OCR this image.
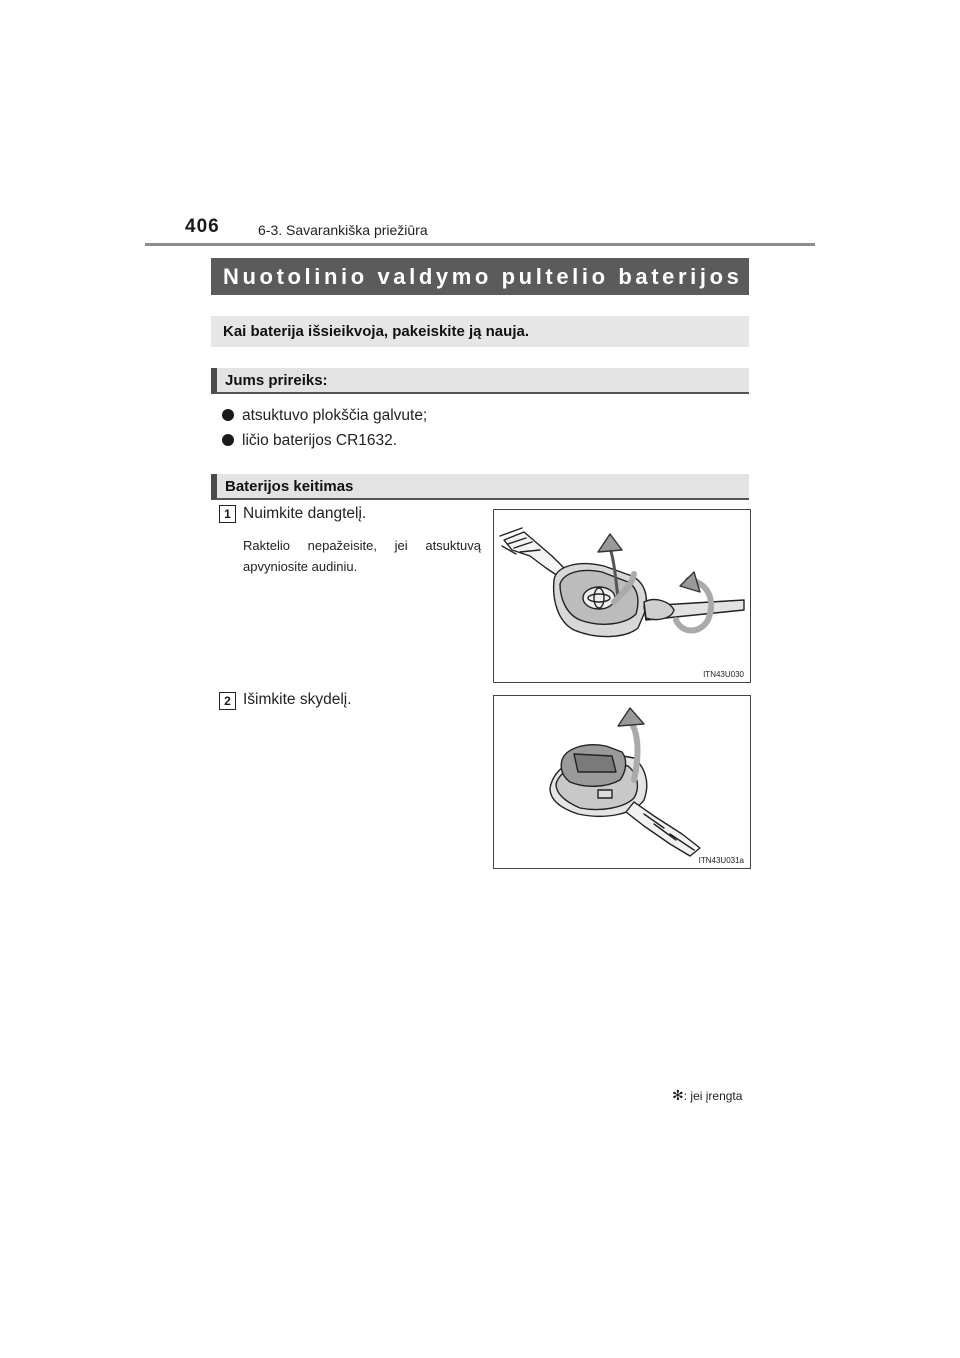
406	6-3. Savarankiška priežiūra
Nuotolinio valdymo pultelio baterijos
Kai baterija išsieikvoja, pakeiskite ją nauja.
Jums prireiks:
atsuktuvo plokščia galvute;
ličio baterijos CR1632.
Baterijos keitimas
1 Nuimkite dangtelį.
Raktelio nepažeisite, jei atsuktuvą
apvyniosite audiniu.
ITN43U030
2 Išimkite skydelį.
ITN43U031a
✻: jei įrengta
